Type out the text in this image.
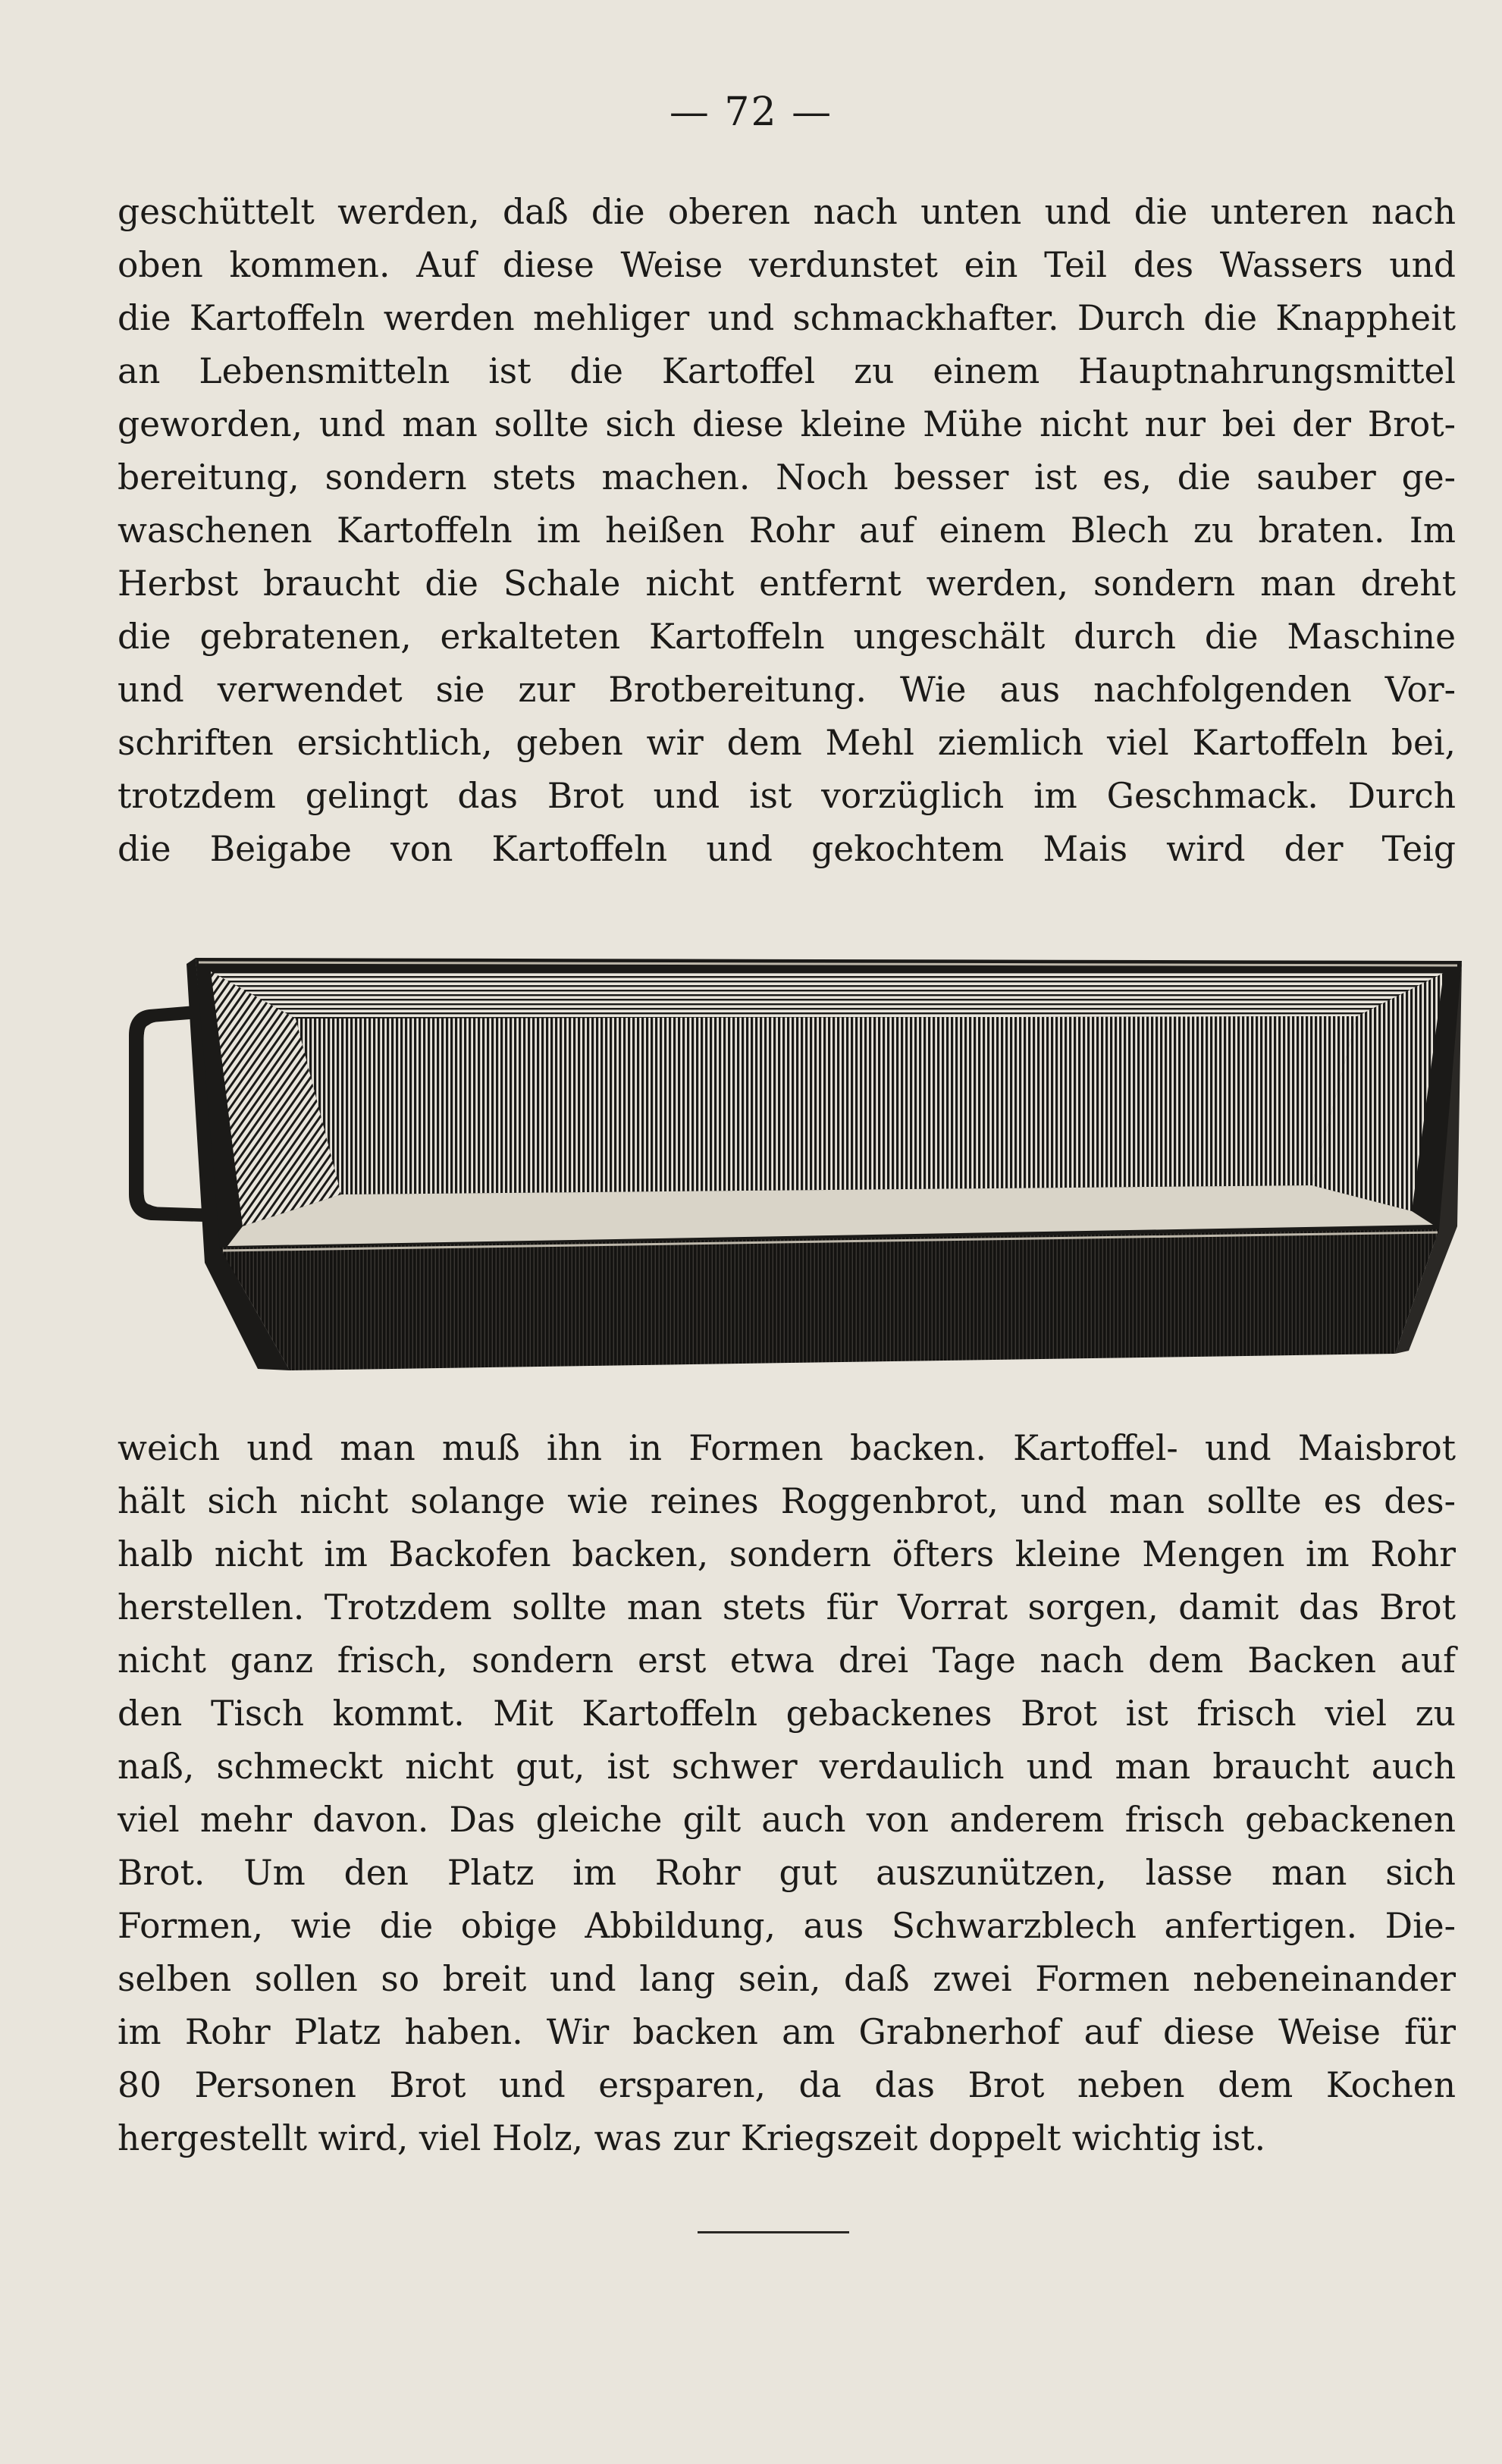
— 72 —
geschüttelt werden, daß die oberen nach unten und die unteren nach
oben kommen. Auf diese Weise verdunstet ein Teil des Wassers und
die Kartoffeln werden mehliger und schmackhafter. Durch die Knappheit
an Lebensmitteln ist die Kartoffel zu einem Hauptnahrungsmittel
geworden, und man sollte sich diese kleine Mühe nicht nur bei der Brot-
bereitung, sondern stets machen. Noch besser ist es, die sauber ge-
waschenen Kartoffeln im heißen Rohr auf einem Blech zu braten. Im
Herbst braucht die Schale nicht entfernt werden, sondern man dreht
die gebratenen, erkalteten Kartoffeln ungeschält durch die Maschine
und verwendet sie zur Brotbereitung. Wie aus nachfolgenden Vor-
schriften ersichtlich, geben wir dem Mehl ziemlich viel Kartoffeln bei,
trotzdem gelingt das Brot und ist vorzüglich im Geschmack. Durch
die Beigabe von Kartoffeln und gekochtem Mais wird der Teig
weich und man muß ihn in Formen backen. Kartoffel- und Maisbrot
hält sich nicht solange wie reines Roggenbrot, und man sollte es des-
halb nicht im Backofen backen, sondern öfters kleine Mengen im Rohr
herstellen. Trotzdem sollte man stets für Vorrat sorgen, damit das Brot
nicht ganz frisch, sondern erst etwa drei Tage nach dem Backen auf
den Tisch kommt. Mit Kartoffeln gebackenes Brot ist frisch viel zu
naß, schmeckt nicht gut, ist schwer verdaulich und man braucht auch
viel mehr davon. Das gleiche gilt auch von anderem frisch gebackenen
Brot. Um den Platz im Rohr gut auszunützen, lasse man sich
Formen, wie die obige Abbildung, aus Schwarzblech anfertigen. Die-
selben sollen so breit und lang sein, daß zwei Formen nebeneinander
im Rohr Platz haben. Wir backen am Grabnerhof auf diese Weise für
80 Personen Brot und ersparen, da das Brot neben dem Kochen
hergestellt wird, viel Holz, was zur Kriegszeit doppelt wichtig ist.
